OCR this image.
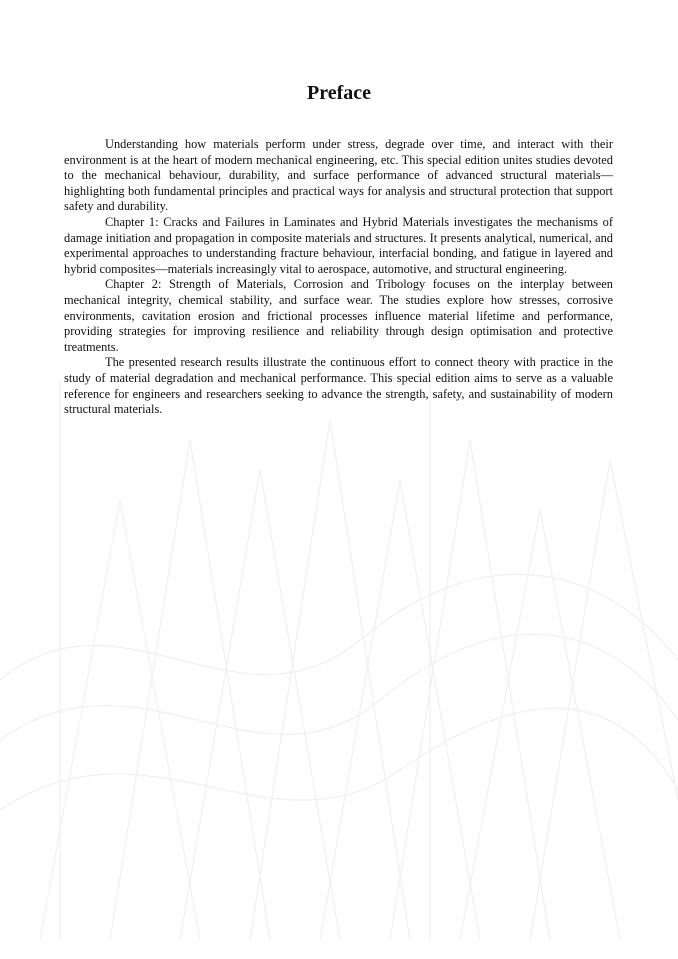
Preface

Understanding how materials perform under stress, degrade over time, and interact with their environment is at the heart of modern mechanical engineering, etc. This special edition unites studies devoted to the mechanical behaviour, durability, and surface performance of advanced structural materials—highlighting both fundamental principles and practical ways for analysis and structural protection that support safety and durability.

Chapter 1: Cracks and Failures in Laminates and Hybrid Materials investigates the mechanisms of damage initiation and propagation in composite materials and structures. It presents analytical, numerical, and experimental approaches to understanding fracture behaviour, interfacial bonding, and fatigue in layered and hybrid composites—materials increasingly vital to aerospace, automotive, and structural engineering.

Chapter 2: Strength of Materials, Corrosion and Tribology focuses on the interplay between mechanical integrity, chemical stability, and surface wear. The studies explore how stresses, corrosive environments, cavitation erosion and frictional processes influence material lifetime and performance, providing strategies for improving resilience and reliability through design optimisation and protective treatments.

The presented research results illustrate the continuous effort to connect theory with practice in the study of material degradation and mechanical performance. This special edition aims to serve as a valuable reference for engineers and researchers seeking to advance the strength, safety, and sustainability of modern structural materials.
